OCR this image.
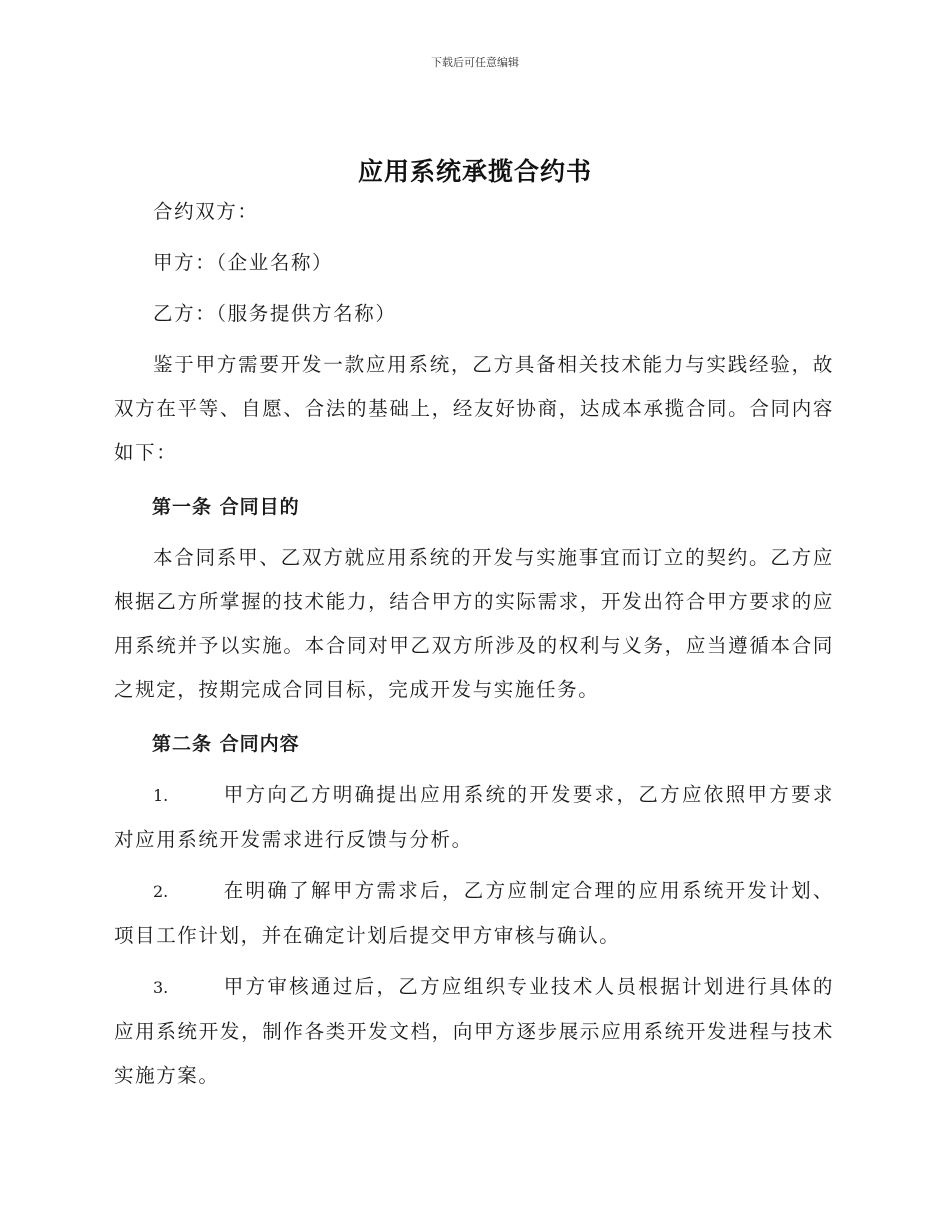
下载后可任意编辑
应用系统承揽合约书

合约双方：

甲方：（企业名称）

乙方：（服务提供方名称）

鉴于甲方需要开发一款应用系统，乙方具备相关技术能力与实践经验，故双方在平等、自愿、合法的基础上，经友好协商，达成本承揽合同。合同内容如下：

第一条 合同目的

本合同系甲、乙双方就应用系统的开发与实施事宜而订立的契约。乙方应根据乙方所掌握的技术能力，结合甲方的实际需求，开发出符合甲方要求的应用系统并予以实施。本合同对甲乙双方所涉及的权利与义务，应当遵循本合同之规定，按期完成合同目标，完成开发与实施任务。

第二条 合同内容

1.	甲方向乙方明确提出应用系统的开发要求，乙方应依照甲方要求对应用系统开发需求进行反馈与分析。

2.	在明确了解甲方需求后，乙方应制定合理的应用系统开发计划、项目工作计划，并在确定计划后提交甲方审核与确认。

3.	甲方审核通过后，乙方应组织专业技术人员根据计划进行具体的应用系统开发，制作各类开发文档，向甲方逐步展示应用系统开发进程与技术实施方案。
